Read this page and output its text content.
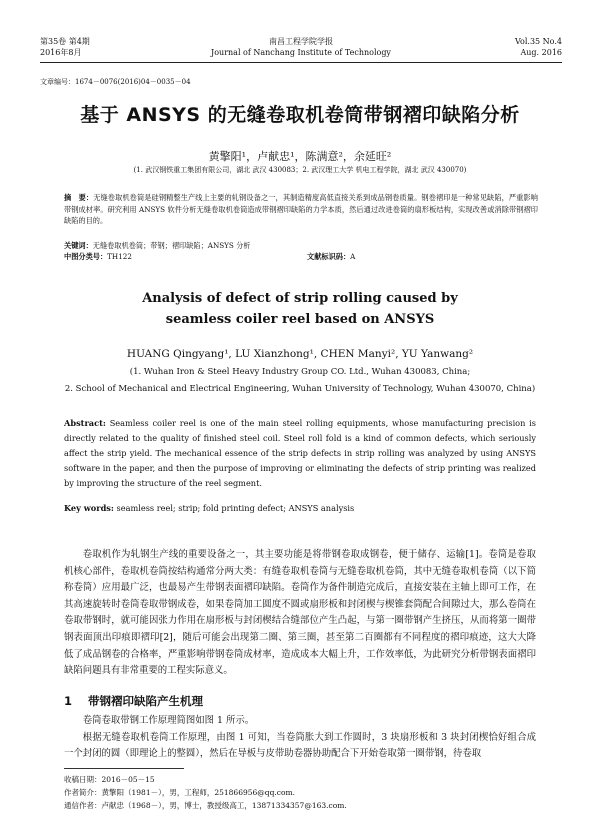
第35卷 第4期
2016年8月
南昌工程学院学报
Journal of Nanchang Institute of Technology
Vol.35 No.4
Aug. 2016
文章编号：1674－0076(2016)04－0035－04
基于 ANSYS 的无缝卷取机卷筒带钢褶印缺陷分析
黄擎阳¹，卢献忠¹，陈满意²，余延旺²
(1. 武汉钢铁重工集团有限公司，湖北 武汉 430083；2. 武汉理工大学 机电工程学院，湖北 武汉 430070)
摘　要：无缝卷取机卷筒是硅钢精整生产线上主要的轧钢设备之一，其制造精度高低直接关系到成品钢卷质量。钢卷褶印是一种常见缺陷，严重影响带钢成材率。研究利用 ANSYS 软件分析无缝卷取机卷筒造成带钢褶印缺陷的力学本质，然后通过改进卷筒的扇形板结构，实现改善或消除带钢褶印缺陷的目的。
关键词：无缝卷取机卷筒；带钢；褶印缺陷；ANSYS 分析
中图分类号：TH122	文献标识码：A
Analysis of defect of strip rolling caused by
seamless coiler reel based on ANSYS
HUANG Qingyang¹, LU Xianzhong¹, CHEN Manyi², YU Yanwang²
(1. Wuhan Iron & Steel Heavy Industry Group CO. Ltd., Wuhan 430083, China;
2. School of Mechanical and Electrical Engineering, Wuhan University of Technology, Wuhan 430070, China)
Abstract: Seamless coiler reel is one of the main steel rolling equipments, whose manufacturing precision is directly related to the quality of finished steel coil. Steel roll fold is a kind of common defects, which seriously affect the strip yield. The mechanical essence of the strip defects in strip rolling was analyzed by using ANSYS software in the paper, and then the purpose of improving or eliminating the defects of strip printing was realized by improving the structure of the reel segment.
Key words: seamless reel; strip; fold printing defect; ANSYS analysis
卷取机作为轧钢生产线的重要设备之一，其主要功能是将带钢卷取成钢卷，便于储存、运输[1]。卷筒是卷取机核心部件，卷取机卷筒按结构通常分两大类：有缝卷取机卷筒与无缝卷取机卷筒，其中无缝卷取机卷筒（以下简称卷筒）应用最广泛，也最易产生带钢表面褶印缺陷。卷筒作为备件制造完成后，直接安装在主轴上即可工作，在其高速旋转时卷筒卷取带钢成卷，如果卷筒加工圆度不圆或扇形板和封闭楔与楔锥套筒配合间隙过大，那么卷筒在卷取带钢时，就可能因张力作用在扇形板与封闭楔结合缝部位产生凸起，与第一圈带钢产生挤压，从而将第一圈带钢表面顶出印痕即褶印[2]，随后可能会出现第二圈、第三圈，甚至第二百圈都有不同程度的褶印痕迹，这大大降低了成品钢卷的合格率，严重影响带钢卷筒成材率，造成成本大幅上升，工作效率低，为此研究分析带钢表面褶印缺陷问题具有非常重要的工程实际意义。
1 带钢褶印缺陷产生机理
卷筒卷取带钢工作原理简图如图 1 所示。
根据无缝卷取机卷筒工作原理，由图 1 可知，当卷筒胀大到工作圆时，3 块扇形板和 3 块封闭楔恰好组合成一个封闭的圆（即理论上的整圆），然后在导板与皮带助卷器协助配合下开始卷取第一圈带钢，待卷取
收稿日期：2016－05－15
作者简介：黄擎阳（1981－），男，工程师，251866956@qq.com.
通信作者：卢献忠（1968－），男，博士，教授级高工，13871334357@163.com.
